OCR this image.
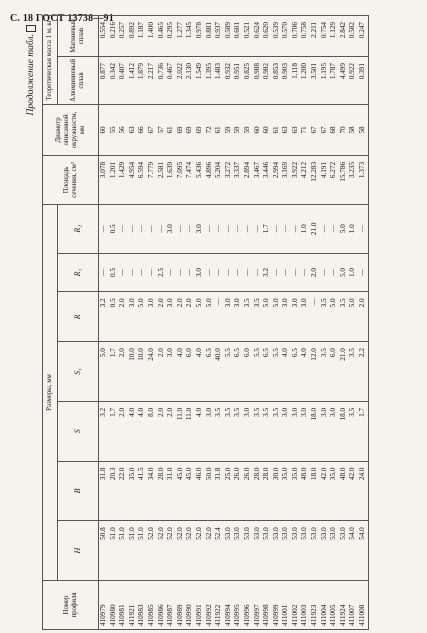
С. 18 ГОСТ 13738—91
Продолжение табл.
Номер профиля	Размеры, мм							Площадь сечения, см²	Диаметр описанной окружности, мм	Теоретическая масса 1 м, кг	
	H	B	S	S₁	R	R₁	R₂			Алюминиевый сплав	Магниевый сплав
410979	50.8	31.8	3.2	5.0	3.2	—	—	3.078	60	0.877	0.554
410980	51.0	20.3	1.7	1.7	0.5	0.5	0.5	1.201	55	0.342	0.216
410981	51.0	22.0	2.0	2.0	2.0	—	—	1.429	56	0.407	0.257
411921	51.0	35.0	4.0	10.0	3.0	—	—	4.954	63	1.412	0.892
410983	51.0	41.5	4.0	10.0	5.0	—	—	6.594	66	1.879	1.187
410985	52.0	34.0	8.0	24.0	3.0	—	—	7.779	67	2.217	1.400
410986	52.0	28.0	2.0	2.0	2.0	2.5	—	2.581	57	0.736	0.465
410987	52.0	31.0	2.0	3.0	3.0	—	3.0	1.639	61	0.467	0.295
410989	52.0	45.0	11.0	4.0	2.0	—	—	7.095	69	2.022	1.277
410990	52.0	45.0	11.0	6.0	2.0	—	—	7.474	69	2.130	1.345
410991	52.0	46.0	4.0	4.0	5.0	3.0	3.0	5.436	69	1.549	0.978
410992	52.0	50.0	3.0	6.5	5.0	—	—	4.896	72	1.395	0.881
411922	52.4	31.8	3.5	40.0	—	—	—	5.204	61	1.483	0.937
410994	53.0	25.0	3.5	5.5	3.0	—	—	3.272	59	0.932	0.589
410995	53.0	26.0	3.5	6.5	3.0	—	—	3.337	59	0.951	0.601
410996	53.0	26.0	3.0	6.0	3.5	—	—	2.894	59	0.825	0.521
410997	53.0	28.0	3.5	5.5	3.5	—	—	3.467	60	0.988	0.624
410998	53.0	28.0	3.5	6.5	5.0	3.2	1.7	3.446	60	0.982	0.620
410999	53.0	30.0	3.5	5.5	5.0	—	—	2.994	61	0.853	0.539
411001	53.0	35.0	3.0	4.0	3.0	—	—	3.169	63	0.903	0.570
411002	53.0	35.0	3.0	6.5	3.0	—	—	3.922	63	1.118	0.706
411003	53.0	48.0	3.0	4.0	3.0	—	1.0	4.212	71	1.200	0.758
411923	53.0	18.0	18.0	12.0	—	2.0	21.0	12.283	67	3.501	2.211
411004	53.0	42.0	3.0	3.5	3.5	—	—	4.191	67	1.195	0.754
411005	53.0	35.0	3.0	6.0	5.0	—	—	6.272	68	1.787	1.129
411924	53.0	48.0	18.0	21.0	3.5	5.0	5.0	15.786	70	4.499	2.842
411007	54.0	42.0	3.5	3.5	5.0	1.0	1.0	3.235	58	0.922	0.582
411008	54.0	24.0	1.7	2.2	2.0	—	—	1.373	58	0.391	0.247
